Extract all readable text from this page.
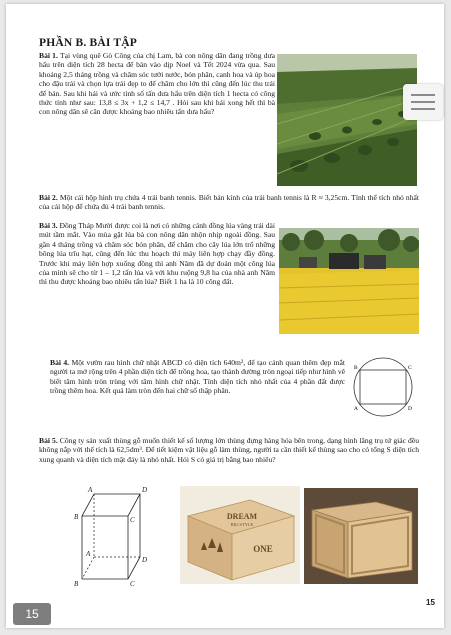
PHẦN B. BÀI TẬP
Bài 1. Tại vùng quê Gò Công của chị Lam, bà con nông dân đang trồng dưa hấu trên diện tích 28 hecta để bán vào dịp Noel và Tết 2024 vừa qua. Sau khoảng 2,5 tháng trồng và chăm sóc tưới nước, bón phân, canh hoa và úp hoa cho đậu trái và chọn lựa trái đẹp to để chăm cho lớn thì cũng đến lúc thu trái để bán. Sau khi hái và ước tính số tấn dưa hấu trên diện tích 1 hecta có công thức tính như sau: 13,8 ≤ 3x + 1,2 ≤ 14,7 . Hỏi sau khi hái xong hết thì bà con nông dân sẽ cân được khoảng bao nhiêu tấn dưa hấu?
Bài 2. Một cái hộp hình trụ chứa 4 trái banh tennis. Biết bán kính của trái banh tennis là R ≈ 3,25cm. Tính thể tích nhỏ nhất của cái hộp để chứa đủ 4 trái banh tennis.
Bài 3. Đồng Tháp Mười được coi là nơi có những cánh đồng lúa vàng trải dài mút tầm mắt. Vào mùa gặt lúa bà con nông dân nhộn nhịp ngoài đồng. Sau gần 4 tháng trồng và chăm sóc bón phân, để chăm cho cây lúa lớn trổ những bông lúa trĩu hạt, cũng đến lúc thu hoạch thì máy liên hợp chạy đầy đồng. Trước khi máy liên hợp xuống đồng thì anh Năm đã dự đoán một công lúa của mình sẽ cho từ 1 – 1,2 tấn lúa và với khu ruộng 9,8 ha của nhà anh Năm thì thu được khoảng bao nhiêu tấn lúa? Biết 1 ha là 10 công đất.
Bài 4. Một vườn rau hình chữ nhật ABCD có diện tích 640m², để tạo cảnh quan thêm đẹp mắt người ta mở rộng trên 4 phần diện tích để trồng hoa, tạo thành đường tròn ngoại tiếp như hình vẽ biết tâm hình tròn trùng với tâm hình chữ nhật. Tính diện tích nhỏ nhất của 4 phần đất được trồng thêm hoa. Kết quả làm tròn đến hai chữ số thập phân.
B	C
A	D
Bài 5. Công ty sản xuất thùng gỗ muốn thiết kế số lượng lớn thùng đựng hàng hóa bên trong, dạng hình lăng trụ tứ giác đều không nắp với thể tích là 62,5dm³. Để tiết kiệm vật liệu gỗ làm thùng, người ta cần thiết kế thùng sao cho có tổng S diện tích xung quanh và diện tích mặt đáy là nhỏ nhất. Hỏi S có giá trị bằng bao nhiêu?
A	D
B	C
A
D
B	C
DREAM
BIG STYLE
ONE
15
15
